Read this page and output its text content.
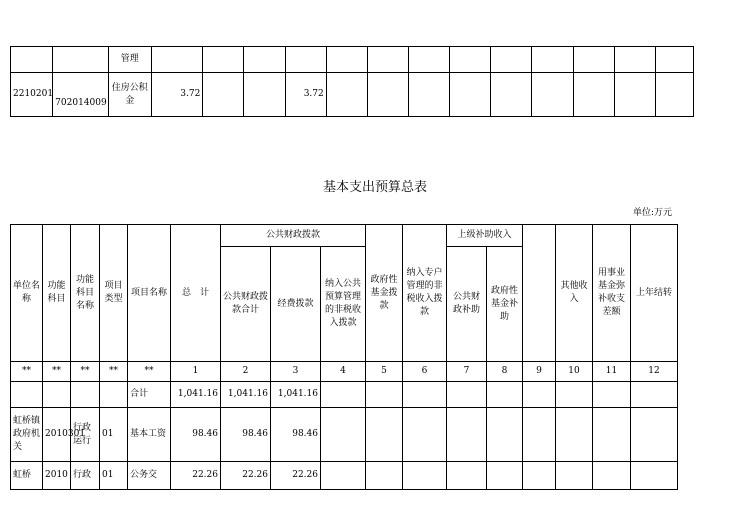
		管理													
2210201	702014009	住房公积金	3.72			3.72									
基本支出预算总表
单位:万元
单位名称	功能科目	功能科目名称	项目类型	项目名称	总　计	公共财政拨款			政府性基金拨款	纳入专户管理的非税收入拨款	上级补助收入			其他收入	用事业基金弥补收支差额	上年结转
						公共财政拨款合计	经费拨款	纳入公共预算管理的非税收入拨款			公共财政补助	政府性基金补助				
**	**	**	**	**	1	2	3	4	5	6	7	8	9	10	11	12
				合计	1,041.16	1,041.16	1,041.16									
虹桥镇政府机关	2010301	行政运行	01	基本工资	98.46	98.46	98.46									
虹桥	2010	行政	01	公务交	22.26	22.26	22.26									
